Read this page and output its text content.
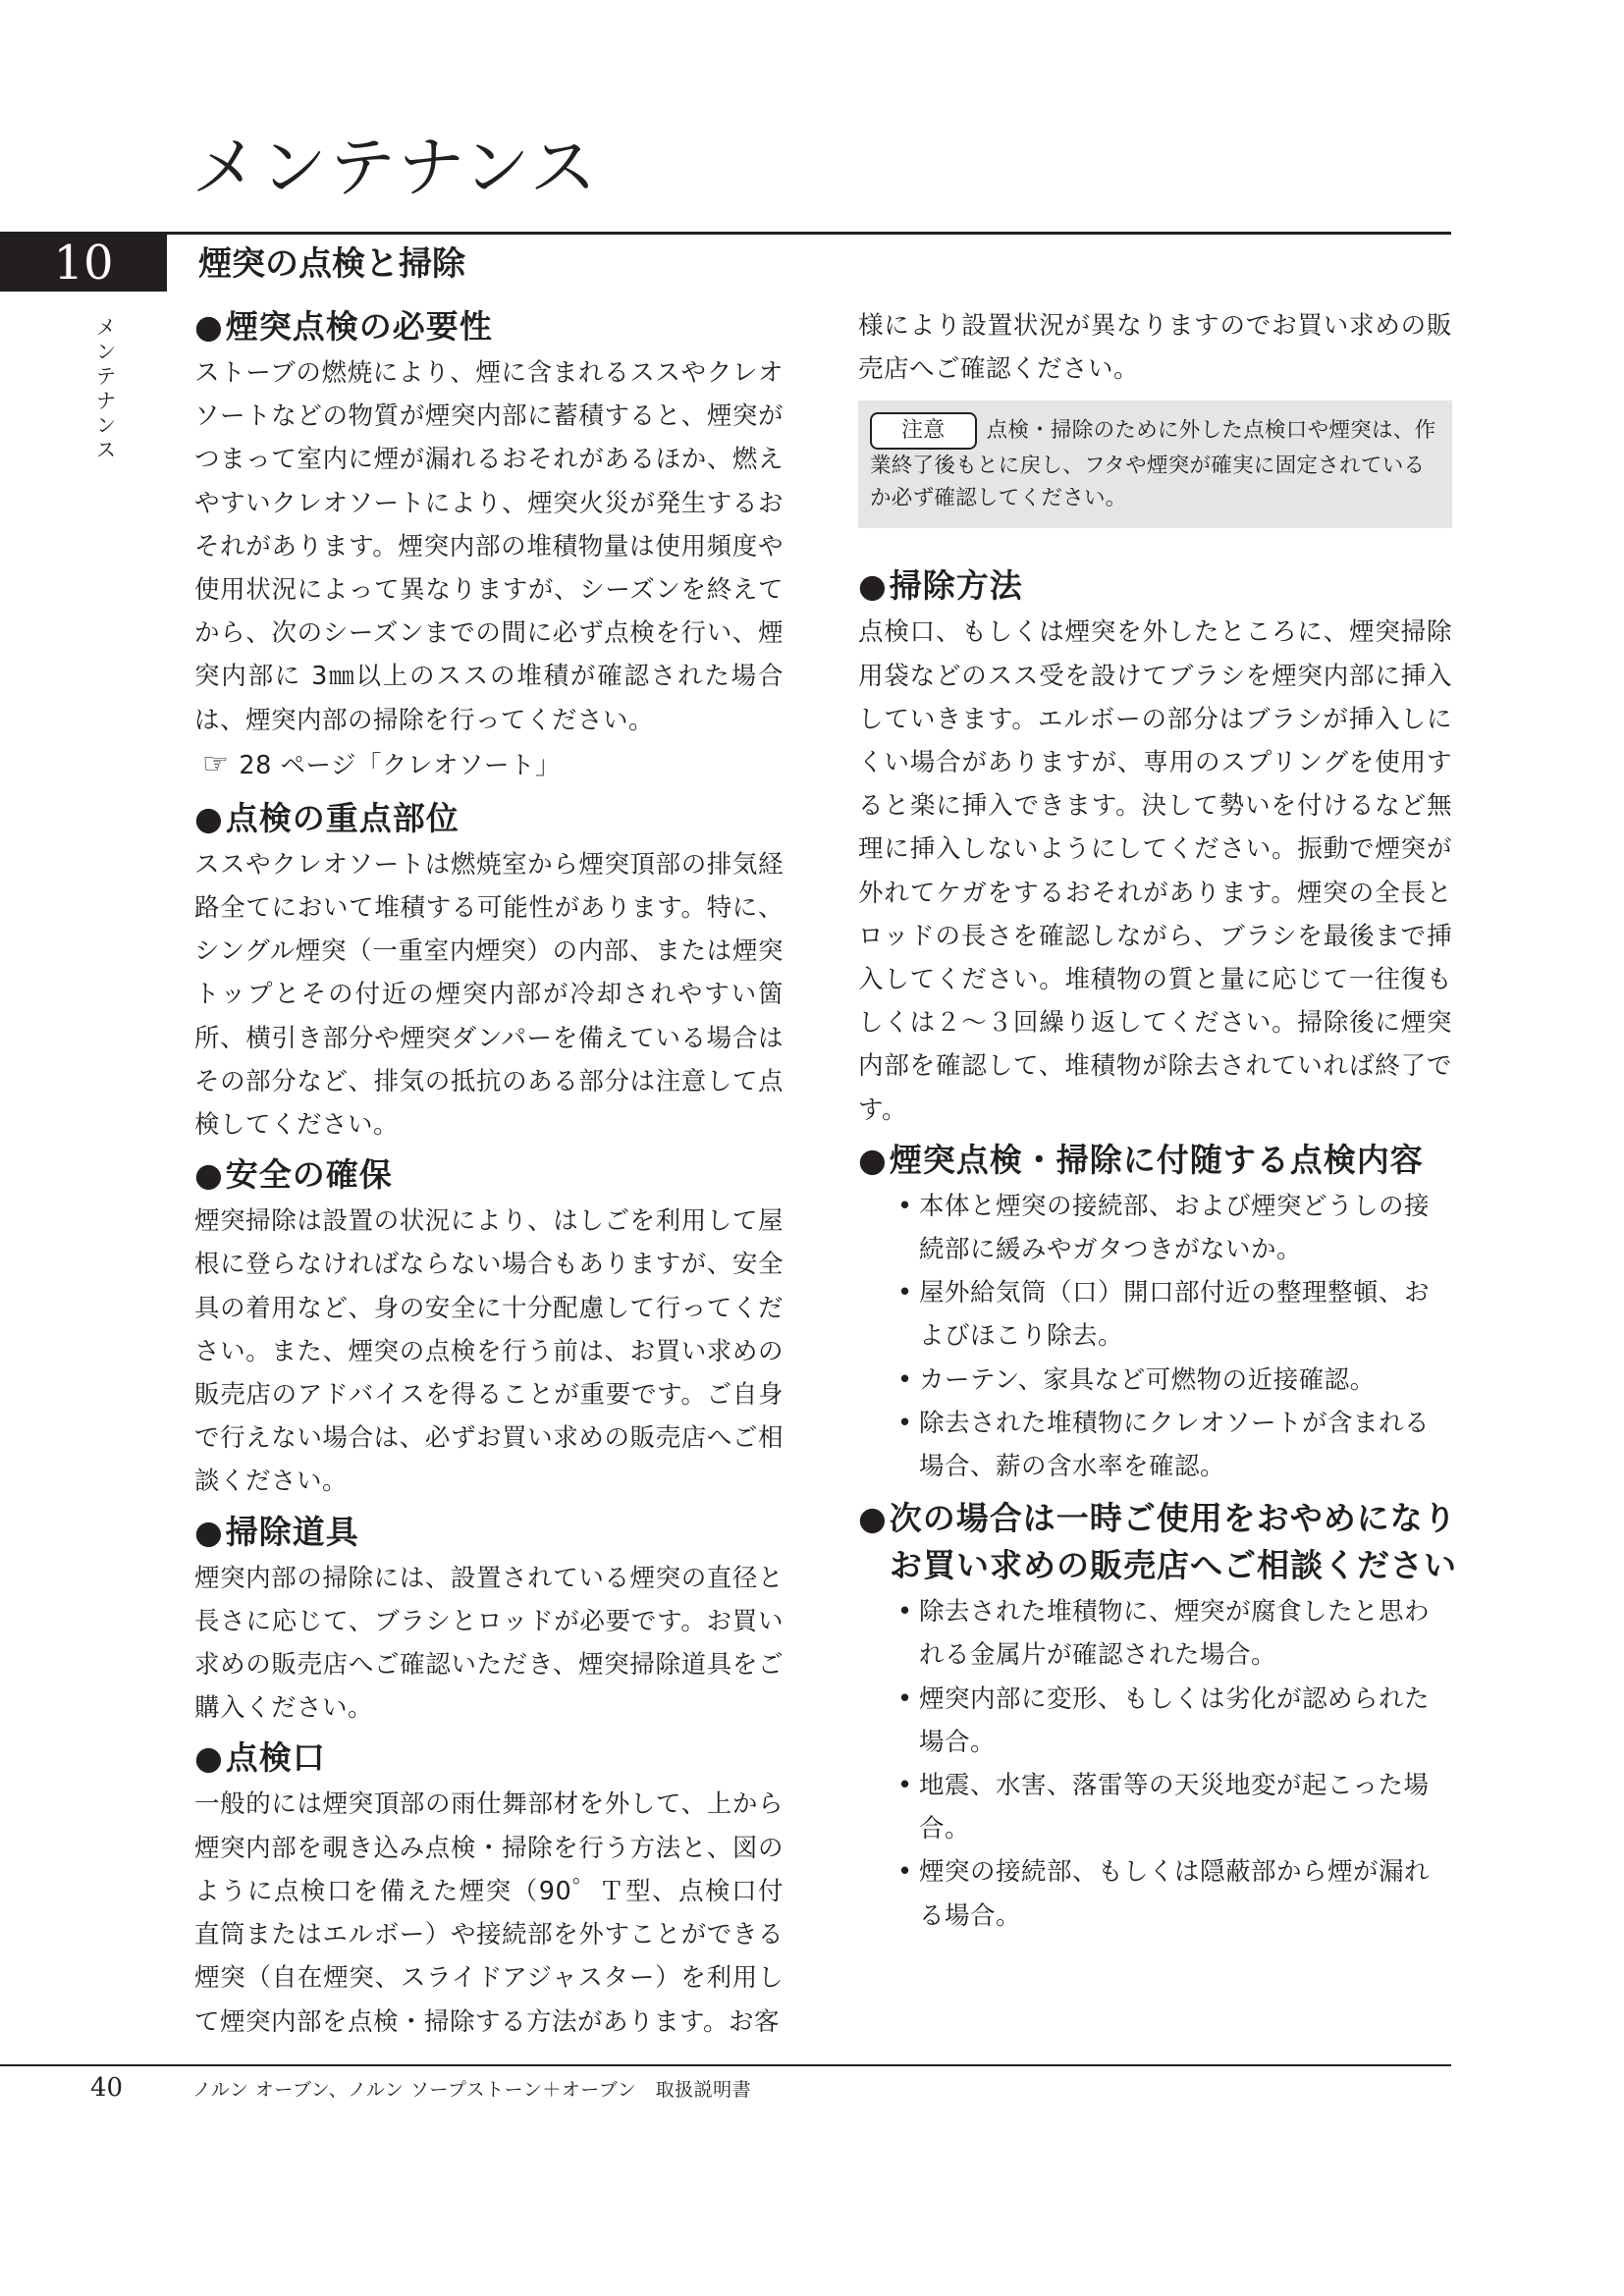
メンテナンス
10	煙突の点検と掃除
メンテナンス ●煙突点検の必要性
ストーブの燃焼により、煙に含まれるススやクレオソートなどの物質が煙突内部に蓄積すると、煙突がつまって室内に煙が漏れるおそれがあるほか、燃えやすいクレオソートにより、煙突火災が発生するおそれがあります。煙突内部の堆積物量は使用頻度や使用状況によって異なりますが、シーズンを終えてから、次のシーズンまでの間に必ず点検を行い、煙突内部に 3㎜以上のススの堆積が確認された場合は、煙突内部の掃除を行ってください。
☞ 28 ページ「クレオソート」
●点検の重点部位
ススやクレオソートは燃焼室から煙突頂部の排気経路全てにおいて堆積する可能性があります。特に、シングル煙突（一重室内煙突）の内部、または煙突トップとその付近の煙突内部が冷却されやすい箇所、横引き部分や煙突ダンパーを備えている場合はその部分など、排気の抵抗のある部分は注意して点検してください。
●安全の確保
煙突掃除は設置の状況により、はしごを利用して屋根に登らなければならない場合もありますが、安全具の着用など、身の安全に十分配慮して行ってください。また、煙突の点検を行う前は、お買い求めの販売店のアドバイスを得ることが重要です。ご自身で行えない場合は、必ずお買い求めの販売店へご相談ください。
●掃除道具
煙突内部の掃除には、設置されている煙突の直径と長さに応じて、ブラシとロッドが必要です。お買い求めの販売店へご確認いただき、煙突掃除道具をご購入ください。
●点検口
一般的には煙突頂部の雨仕舞部材を外して、上から煙突内部を覗き込み点検・掃除を行う方法と、図のように点検口を備えた煙突（90゜Ｔ型、点検口付直筒またはエルボー）や接続部を外すことができる煙突（自在煙突、スライドアジャスター）を利用して煙突内部を点検・掃除する方法があります。お客
様により設置状況が異なりますのでお買い求めの販売店へご確認ください。
注意 点検・掃除のために外した点検口や煙突は、作業終了後もとに戻し、フタや煙突が確実に固定されているか必ず確認してください。
●掃除方法
点検口、もしくは煙突を外したところに、煙突掃除用袋などのスス受を設けてブラシを煙突内部に挿入していきます。エルボーの部分はブラシが挿入しにくい場合がありますが、専用のスプリングを使用すると楽に挿入できます。決して勢いを付けるなど無理に挿入しないようにしてください。振動で煙突が外れてケガをするおそれがあります。煙突の全長とロッドの長さを確認しながら、ブラシを最後まで挿入してください。堆積物の質と量に応じて一往復もしくは２～３回繰り返してください。掃除後に煙突内部を確認して、堆積物が除去されていれば終了です。
●煙突点検・掃除に付随する点検内容
• 本体と煙突の接続部、および煙突どうしの接続部に緩みやガタつきがないか。
• 屋外給気筒（口）開口部付近の整理整頓、およびほこり除去。
• カーテン、家具など可燃物の近接確認。
• 除去された堆積物にクレオソートが含まれる場合、薪の含水率を確認。
●次の場合は一時ご使用をおやめになり
お買い求めの販売店へご相談ください
• 除去された堆積物に、煙突が腐食したと思われる金属片が確認された場合。
• 煙突内部に変形、もしくは劣化が認められた場合。
• 地震、水害、落雷等の天災地変が起こった場合。
• 煙突の接続部、もしくは隠蔽部から煙が漏れる場合。
40	ノルン オーブン、ノルン ソープストーン＋オーブン　取扱説明書
